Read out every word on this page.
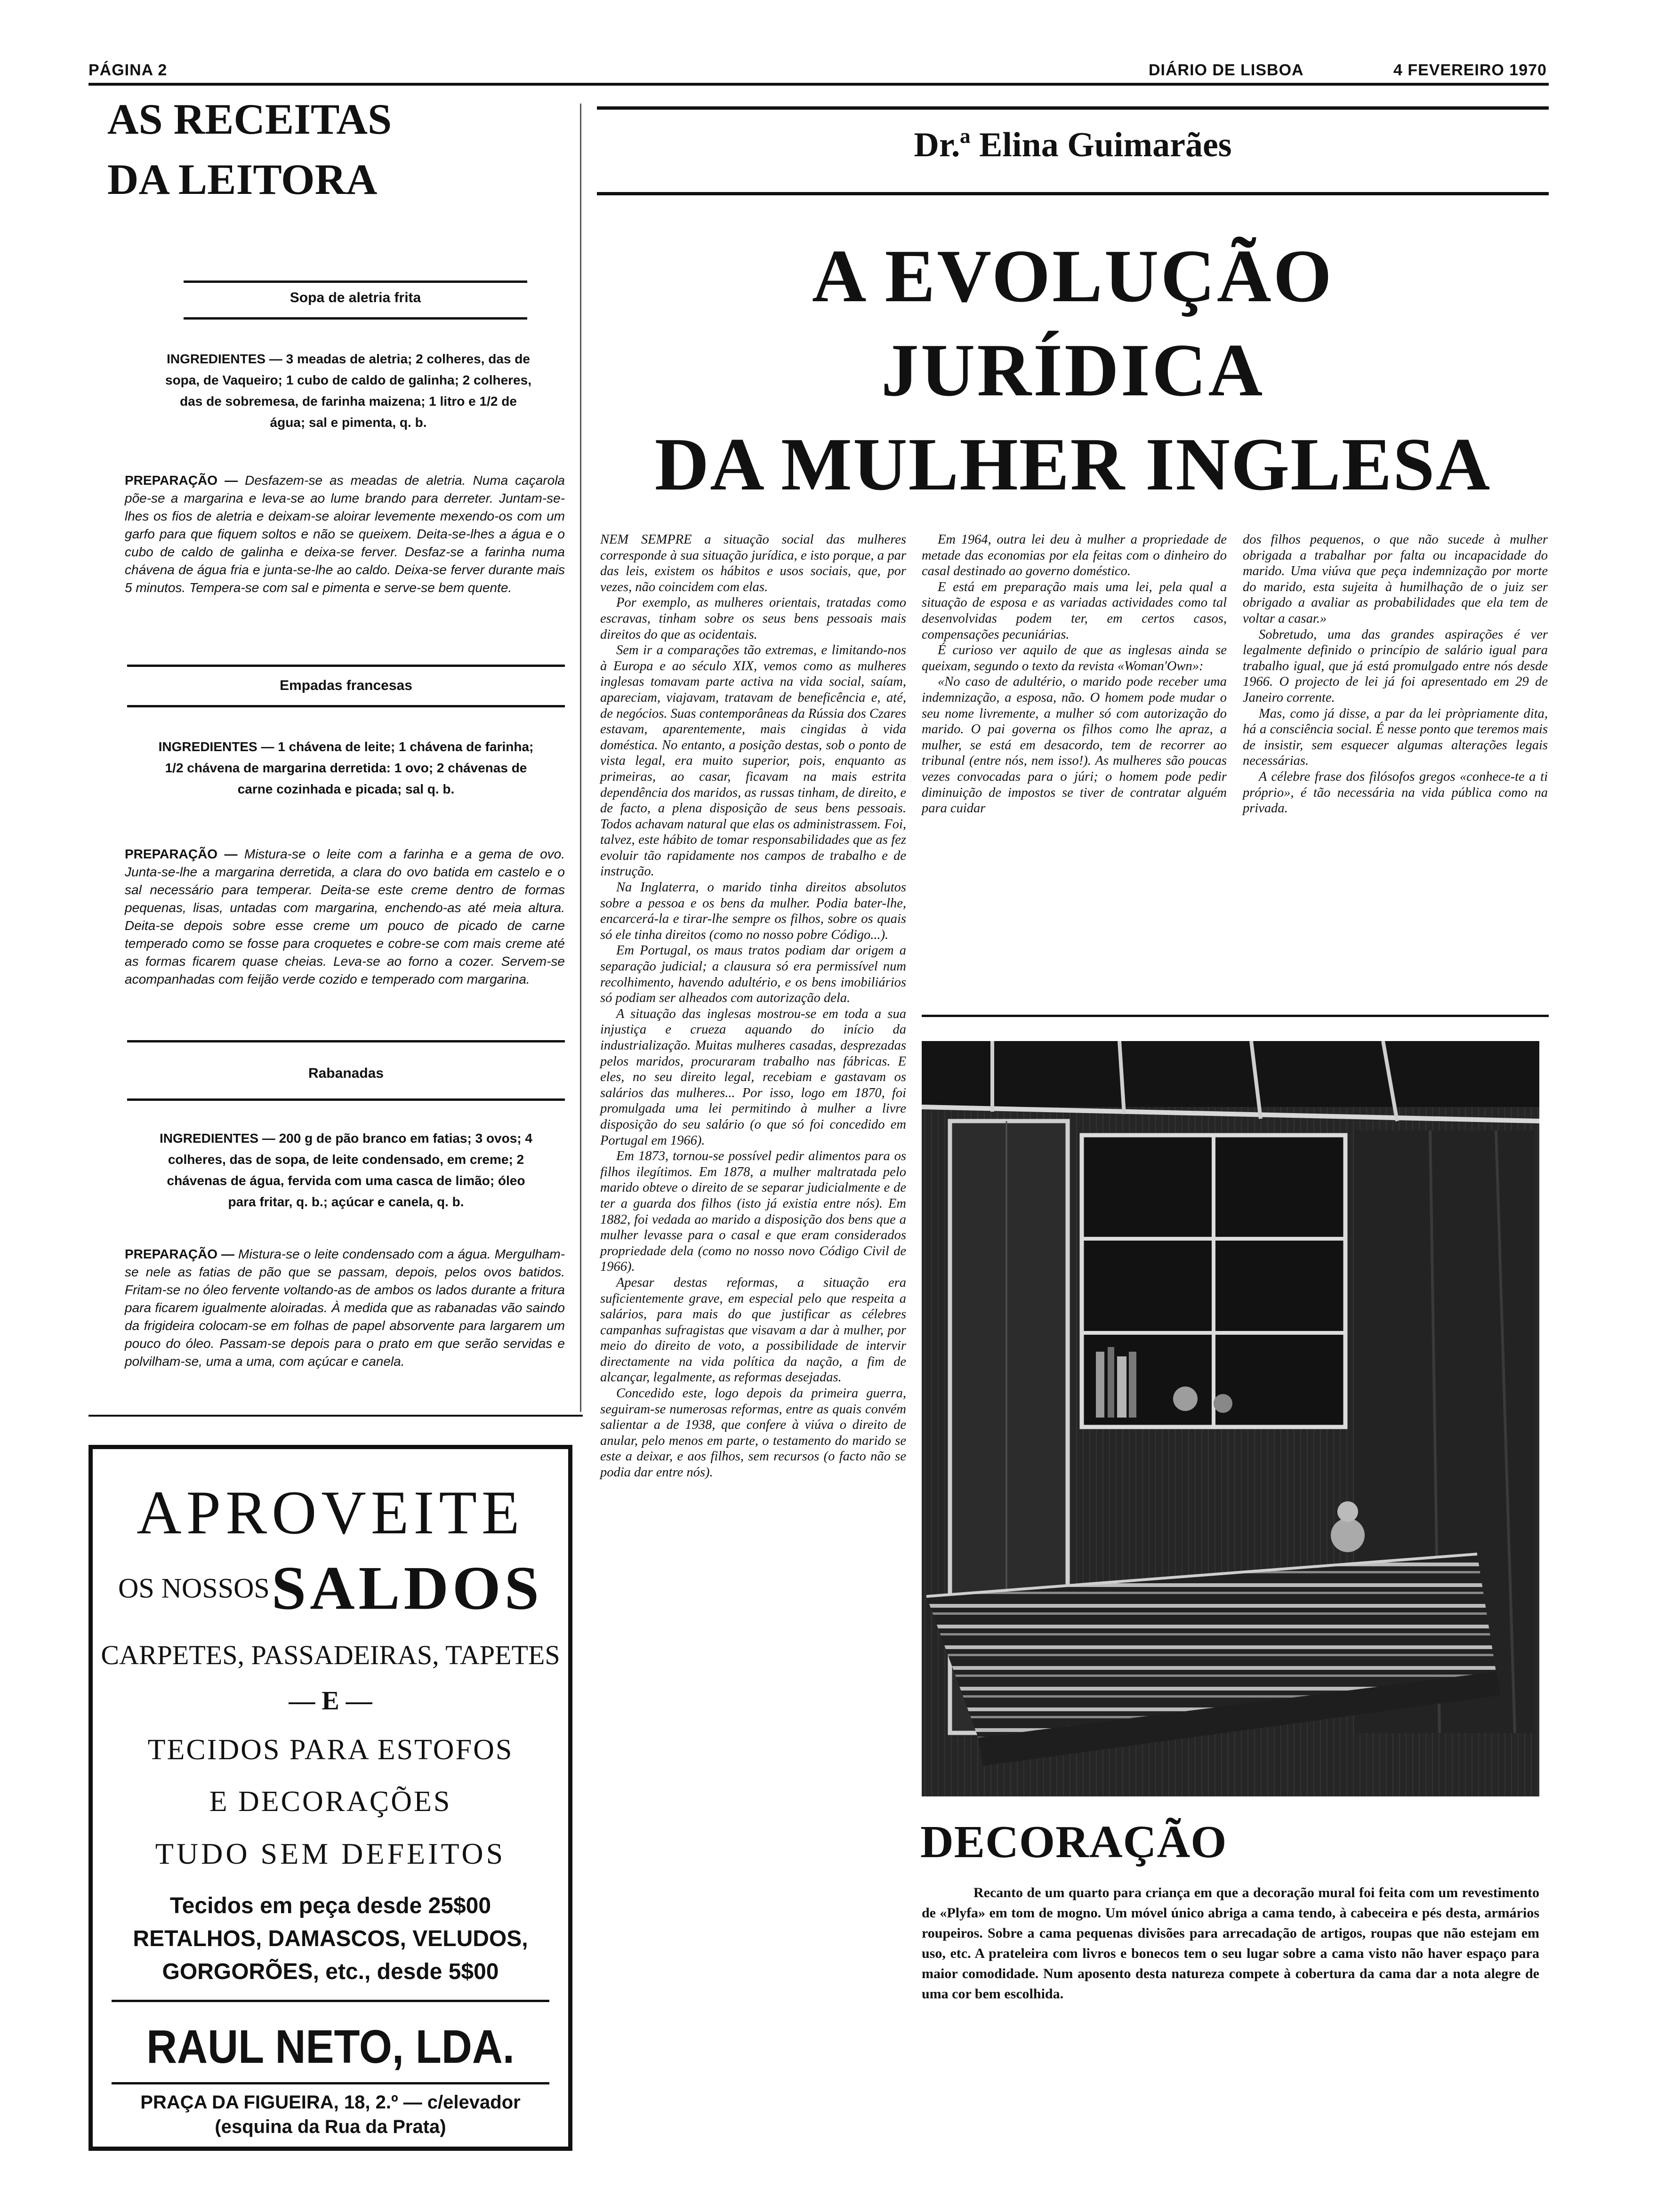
PÁGINA 2	DIÁRIO DE LISBOA	4 FEVEREIRO 1970
AS RECEITAS
DA LEITORA
Sopa de aletria frita
INGREDIENTES — 3 meadas de aletria; 2 colheres, das de sopa, de Vaqueiro; 1 cubo de caldo de galinha; 2 colheres, das de sobremesa, de farinha maizena; 1 litro e 1/2 de água; sal e pimenta, q. b.
PREPARAÇÃO — Desfazem-se as meadas de aletria. Numa caçarola põe-se a margarina e leva-se ao lume brando para derreter. Juntam-se-lhes os fios de aletria e deixam-se aloirar levemente mexendo-os com um garfo para que fiquem soltos e não se queixem. Deita-se-lhes a água e o cubo de caldo de galinha e deixa-se ferver. Desfaz-se a farinha numa chávena de água fria e junta-se-lhe ao caldo. Deixa-se ferver durante mais 5 minutos. Tempera-se com sal e pimenta e serve-se bem quente.
Empadas francesas
INGREDIENTES — 1 chávena de leite; 1 chávena de farinha; 1/2 chávena de margarina derretida: 1 ovo; 2 chávenas de carne cozinhada e picada; sal q. b.
PREPARAÇÃO — Mistura-se o leite com a farinha e a gema de ovo. Junta-se-lhe a margarina derretida, a clara do ovo batida em castelo e o sal necessário para temperar. Deita-se este creme dentro de formas pequenas, lisas, untadas com margarina, enchendo-as até meia altura. Deita-se depois sobre esse creme um pouco de picado de carne temperado como se fosse para croquetes e cobre-se com mais creme até as formas ficarem quase cheias. Leva-se ao forno a cozer. Servem-se acompanhadas com feijão verde cozido e temperado com margarina.
Rabanadas
INGREDIENTES — 200 g de pão branco em fatias; 3 ovos; 4 colheres, das de sopa, de leite condensado, em creme; 2 chávenas de água, fervida com uma casca de limão; óleo para fritar, q. b.; açúcar e canela, q. b.
PREPARAÇÃO — Mistura-se o leite condensado com a água. Mergulham-se nele as fatias de pão que se passam, depois, pelos ovos batidos. Fritam-se no óleo fervente voltando-as de ambos os lados durante a fritura para ficarem igualmente aloiradas. À medida que as rabanadas vão saindo da frigideira colocam-se em folhas de papel absorvente para largarem um pouco do óleo. Passam-se depois para o prato em que serão servidas e polvilham-se, uma a uma, com açúcar e canela.
APROVEITE
OS NOSSOS SALDOS
CARPETES, PASSADEIRAS, TAPETES
— E —
TECIDOS PARA ESTOFOS
E DECORAÇÕES
TUDO SEM DEFEITOS
Tecidos em peça desde 25$00
RETALHOS, DAMASCOS, VELUDOS,
GORGORÕES, etc., desde 5$00
RAUL NETO, LDA.
PRAÇA DA FIGUEIRA, 18, 2.º — c/elevador
(esquina da Rua da Prata)
Dr.ª Elina Guimarães
A EVOLUÇÃO
JURÍDICA
DA MULHER INGLESA

NEM SEMPRE a situação social das mulheres corresponde à sua situação jurídica, e isto porque, a par das leis, existem os hábitos e usos sociais, que, por vezes, não coincidem com elas.

Por exemplo, as mulheres orientais, tratadas como escravas, tinham sobre os seus bens pessoais mais direitos do que as ocidentais.

Sem ir a comparações tão extremas, e limitando-nos à Europa e ao século XIX, vemos como as mulheres inglesas tomavam parte activa na vida social, saíam, apareciam, viajavam, tratavam de beneficência e, até, de negócios. Suas contemporâneas da Rússia dos Czares estavam, aparentemente, mais cingidas à vida doméstica. No entanto, a posição destas, sob o ponto de vista legal, era muito superior, pois, enquanto as primeiras, ao casar, ficavam na mais estrita dependência dos maridos, as russas tinham, de direito, e de facto, a plena disposição de seus bens pessoais. Todos achavam natural que elas os administrassem. Foi, talvez, este hábito de tomar responsabilidades que as fez evoluir tão rapidamente nos campos de trabalho e de instrução.

Na Inglaterra, o marido tinha direitos absolutos sobre a pessoa e os bens da mulher. Podia bater-lhe, encarcerá-la e tirar-lhe sempre os filhos, sobre os quais só ele tinha direitos (como no nosso pobre Código...).

Em Portugal, os maus tratos podiam dar origem a separação judicial; a clausura só era permissível num recolhimento, havendo adultério, e os bens imobiliários só podiam ser alheados com autorização dela.

A situação das inglesas mostrou-se em toda a sua injustiça e crueza aquando do início da industrialização. Muitas mulheres casadas, desprezadas pelos maridos, procuraram trabalho nas fábricas. E eles, no seu direito legal, recebiam e gastavam os salários das mulheres... Por isso, logo em 1870, foi promulgada uma lei permitindo à mulher a livre disposição do seu salário (o que só foi concedido em Portugal em 1966).

Em 1873, tornou-se possível pedir alimentos para os filhos ilegítimos. Em 1878, a mulher maltratada pelo marido obteve o direito de se separar judicialmente e de ter a guarda dos filhos (isto já existia entre nós). Em 1882, foi vedada ao marido a disposição dos bens que a mulher levasse para o casal e que eram considerados propriedade dela (como no nosso novo Código Civil de 1966).

Apesar destas reformas, a situação era suficientemente grave, em especial pelo que respeita a salários, para mais do que justificar as célebres campanhas sufragistas que visavam a dar à mulher, por meio do direito de voto, a possibilidade de intervir directamente na vida política da nação, a fim de alcançar, legalmente, as reformas desejadas.

Concedido este, logo depois da primeira guerra, seguiram-se numerosas reformas, entre as quais convém salientar a de 1938, que confere à viúva o direito de anular, pelo menos em parte, o testamento do marido se este a deixar, e aos filhos, sem recursos (o facto não se podia dar entre nós).

Em 1964, outra lei deu à mulher a propriedade de metade das economias por ela feitas com o dinheiro do casal destinado ao governo doméstico.

E está em preparação mais uma lei, pela qual a situação de esposa e as variadas actividades como tal desenvolvidas podem ter, em certos casos, compensações pecuniárias.

É curioso ver aquilo de que as inglesas ainda se queixam, segundo o texto da revista «Woman'Own»:

«No caso de adultério, o marido pode receber uma indemnização, a esposa, não. O homem pode mudar o seu nome livremente, a mulher só com autorização do marido. O pai governa os filhos como lhe apraz, a mulher, se está em desacordo, tem de recorrer ao tribunal (entre nós, nem isso!). As mulheres são poucas vezes convocadas para o júri; o homem pode pedir diminuição de impostos se tiver de contratar alguém para cuidar

dos filhos pequenos, o que não sucede à mulher obrigada a trabalhar por falta ou incapacidade do marido. Uma viúva que peça indemnização por morte do marido, esta sujeita à humilhação de o juiz ser obrigado a avaliar as probabilidades que ela tem de voltar a casar.»

Sobretudo, uma das grandes aspirações é ver legalmente definido o princípio de salário igual para trabalho igual, que já está promulgado entre nós desde 1966. O projecto de lei já foi apresentado em 29 de Janeiro corrente.

Mas, como já disse, a par da lei pròpriamente dita, há a consciência social. É nesse ponto que teremos mais de insistir, sem esquecer algumas alterações legais necessárias.

A célebre frase dos filósofos gregos «conhece-te a ti próprio», é tão necessária na vida pública como na privada.

DECORAÇÃO
Recanto de um quarto para criança em que a decoração mural foi feita com um revestimento de «Plyfa» em tom de mogno. Um móvel único abriga a cama tendo, à cabeceira e pés desta, armários roupeiros. Sobre a cama pequenas divisões para arrecadação de artigos, roupas que não estejam em uso, etc. A prateleira com livros e bonecos tem o seu lugar sobre a cama visto não haver espaço para maior comodidade. Num aposento desta natureza compete à cobertura da cama dar a nota alegre de uma cor bem escolhida.
